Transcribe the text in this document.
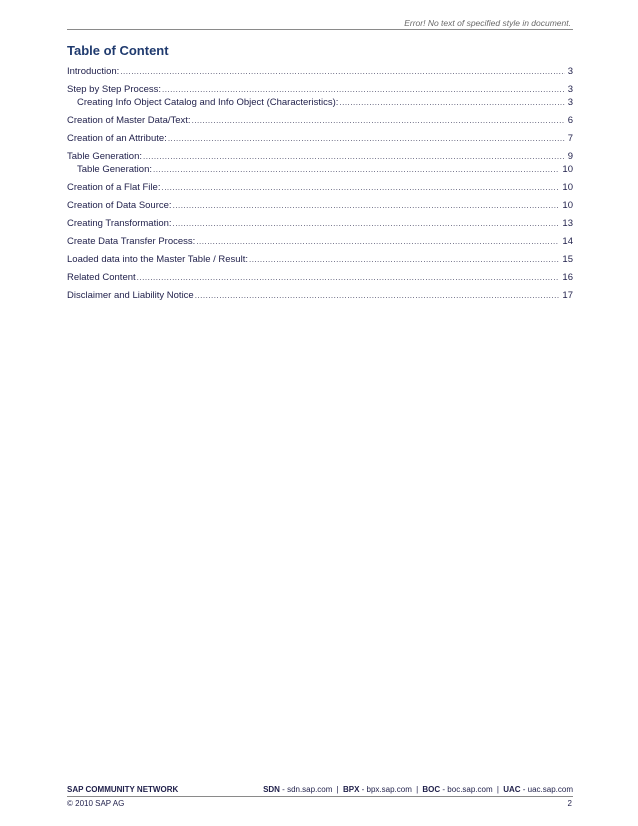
Error! No text of specified style in document.
Table of Content
Introduction: .....	3
Step by Step Process: .....	3
Creating Info Object Catalog and Info Object (Characteristics): .....	3
Creation of Master Data/Text: .....	6
Creation of an Attribute: .....	7
Table Generation: .....	9
Table Generation: .....	10
Creation of a Flat File: .....	10
Creation of Data Source: .....	10
Creating Transformation: .....	13
Create Data Transfer Process: .....	14
Loaded data into the Master Table / Result: .....	15
Related Content .....	16
Disclaimer and Liability Notice .....	17
SAP COMMUNITY NETWORK	SDN - sdn.sap.com | BPX - bpx.sap.com | BOC - boc.sap.com | UAC - uac.sap.com
© 2010 SAP AG	2
